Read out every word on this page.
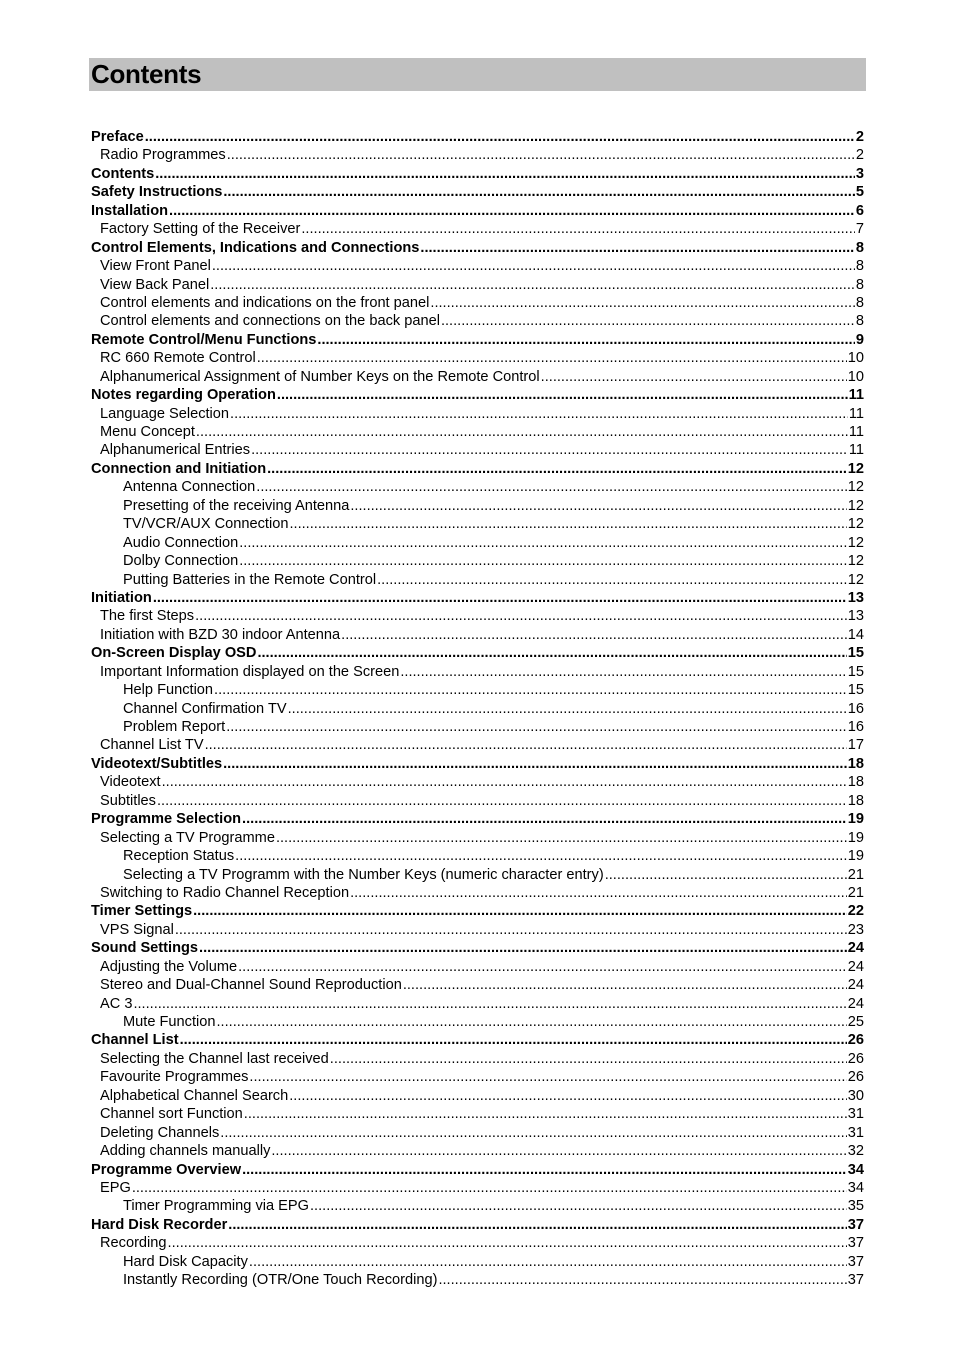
Contents
Preface .....	2
Radio Programmes .....	2
Contents .....	3
Safety Instructions .....	5
Installation .....	6
Factory Setting of the Receiver .....	7
Control Elements, Indications and Connections .....	8
View Front Panel .....	8
View Back Panel .....	8
Control elements and indications on the front panel .....	8
Control elements and connections on the back panel .....	8
Remote Control/Menu Functions .....	9
RC 660 Remote Control .....	10
Alphanumerical Assignment of Number Keys on the Remote Control .....	10
Notes regarding Operation .....	11
Language Selection .....	11
Menu Concept .....	11
Alphanumerical Entries .....	11
Connection and Initiation .....	12
Antenna Connection .....	12
Presetting of the receiving Antenna .....	12
TV/VCR/AUX Connection .....	12
Audio Connection .....	12
Dolby Connection .....	12
Putting Batteries in the Remote Control .....	12
Initiation .....	13
The first Steps .....	13
Initiation with BZD 30 indoor Antenna .....	14
On-Screen Display OSD .....	15
Important Information displayed on the Screen .....	15
Help Function .....	15
Channel Confirmation TV .....	16
Problem Report .....	16
Channel List TV .....	17
Videotext/Subtitles .....	18
Videotext .....	18
Subtitles .....	18
Programme Selection .....	19
Selecting a TV Programme .....	19
Reception Status .....	19
Selecting a TV Programm with the Number Keys (numeric character entry) .....	21
Switching to Radio Channel Reception .....	21
Timer Settings .....	22
VPS Signal .....	23
Sound Settings .....	24
Adjusting the Volume .....	24
Stereo and Dual-Channel Sound Reproduction .....	24
AC 3 .....	24
Mute Function .....	25
Channel List .....	26
Selecting the Channel last received .....	26
Favourite Programmes .....	26
Alphabetical Channel Search .....	30
Channel sort Function .....	31
Deleting Channels .....	31
Adding channels manually .....	32
Programme Overview .....	34
EPG .....	34
Timer Programming via EPG .....	35
Hard Disk Recorder .....	37
Recording .....	37
Hard Disk Capacity .....	37
Instantly Recording (OTR/One Touch Recording) .....	37
